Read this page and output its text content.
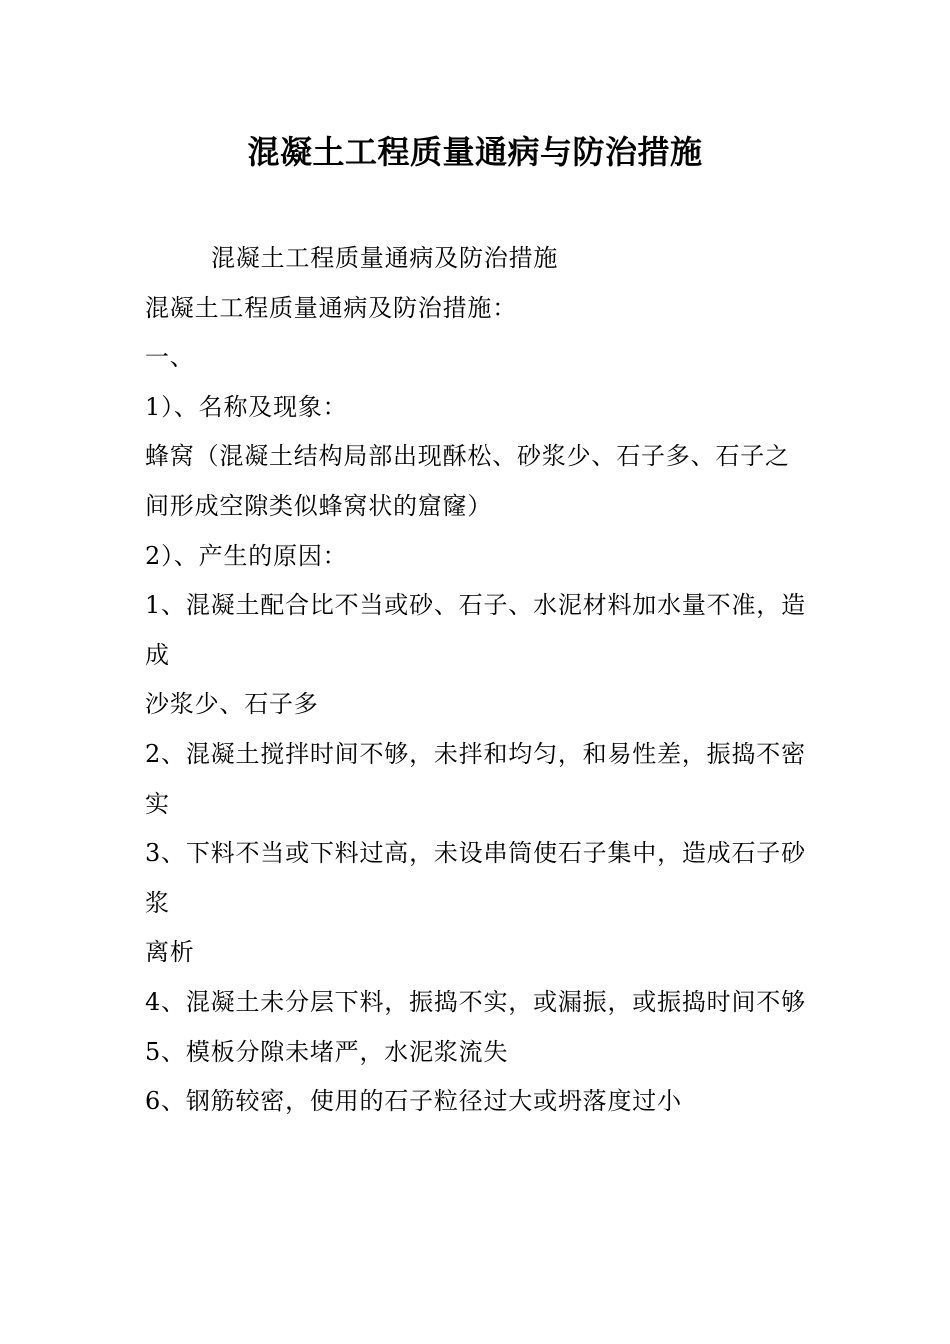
混凝土工程质量通病与防治措施

混凝土工程质量通病及防治措施

混凝土工程质量通病及防治措施：

一、

1）、名称及现象：

蜂窝（混凝土结构局部出现酥松、砂浆少、石子多、石子之间形成空隙类似蜂窝状的窟窿）

2）、产生的原因：

1、混凝土配合比不当或砂、石子、水泥材料加水量不准，造成

沙浆少、石子多

2、混凝土搅拌时间不够，未拌和均匀，和易性差，振捣不密实

3、下料不当或下料过高，未设串筒使石子集中，造成石子砂浆

离析

4、混凝土未分层下料，振捣不实，或漏振，或振捣时间不够

5、模板分隙未堵严，水泥浆流失

6、钢筋较密，使用的石子粒径过大或坍落度过小
